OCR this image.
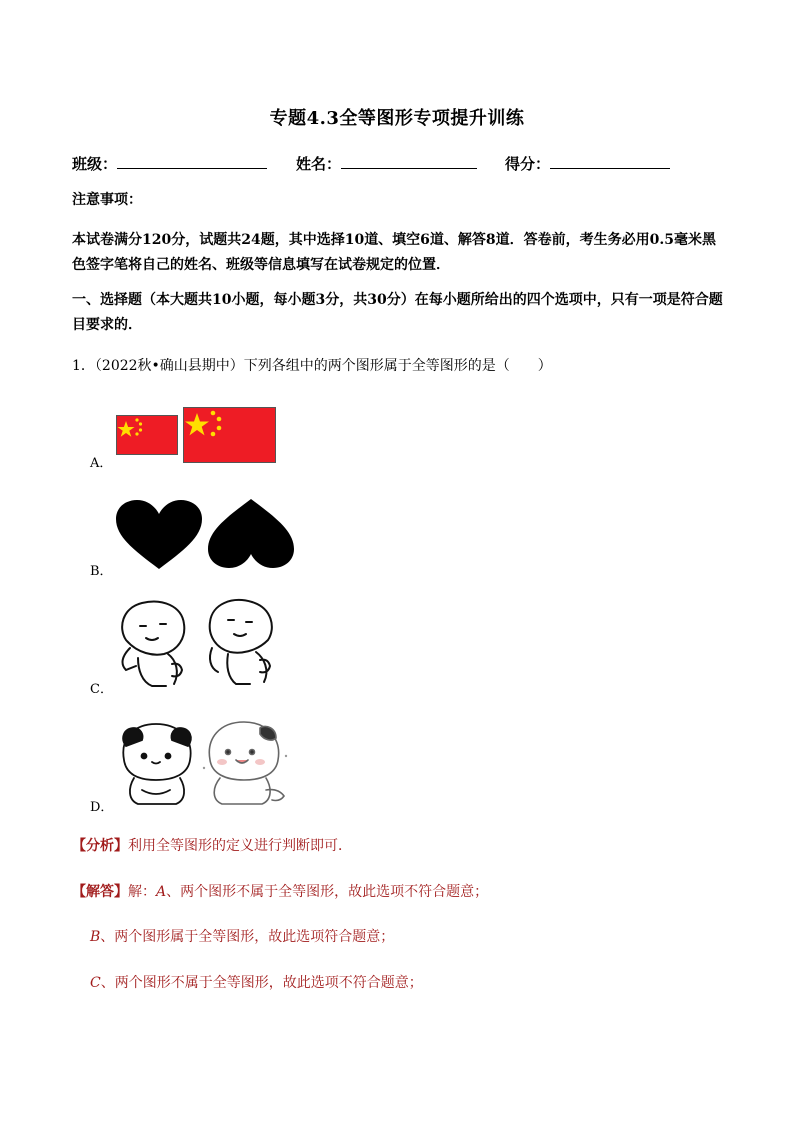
专题4.3全等图形专项提升训练
班级：	姓名：	得分：
注意事项：
本试卷满分120分，试题共24题，其中选择10道、填空6道、解答8道．答卷前，考生务必用0.5毫米黑色签字笔将自己的姓名、班级等信息填写在试卷规定的位置．
一、选择题（本大题共10小题，每小题3分，共30分）在每小题所给出的四个选项中，只有一项是符合题目要求的．
1．（2022秋•确山县期中）下列各组中的两个图形属于全等图形的是（　　）
A．
B．
C．
D．
【分析】利用全等图形的定义进行判断即可．
【解答】解：A、两个图形不属于全等图形，故此选项不符合题意；
B、两个图形属于全等图形，故此选项符合题意；
C、两个图形不属于全等图形，故此选项不符合题意；
